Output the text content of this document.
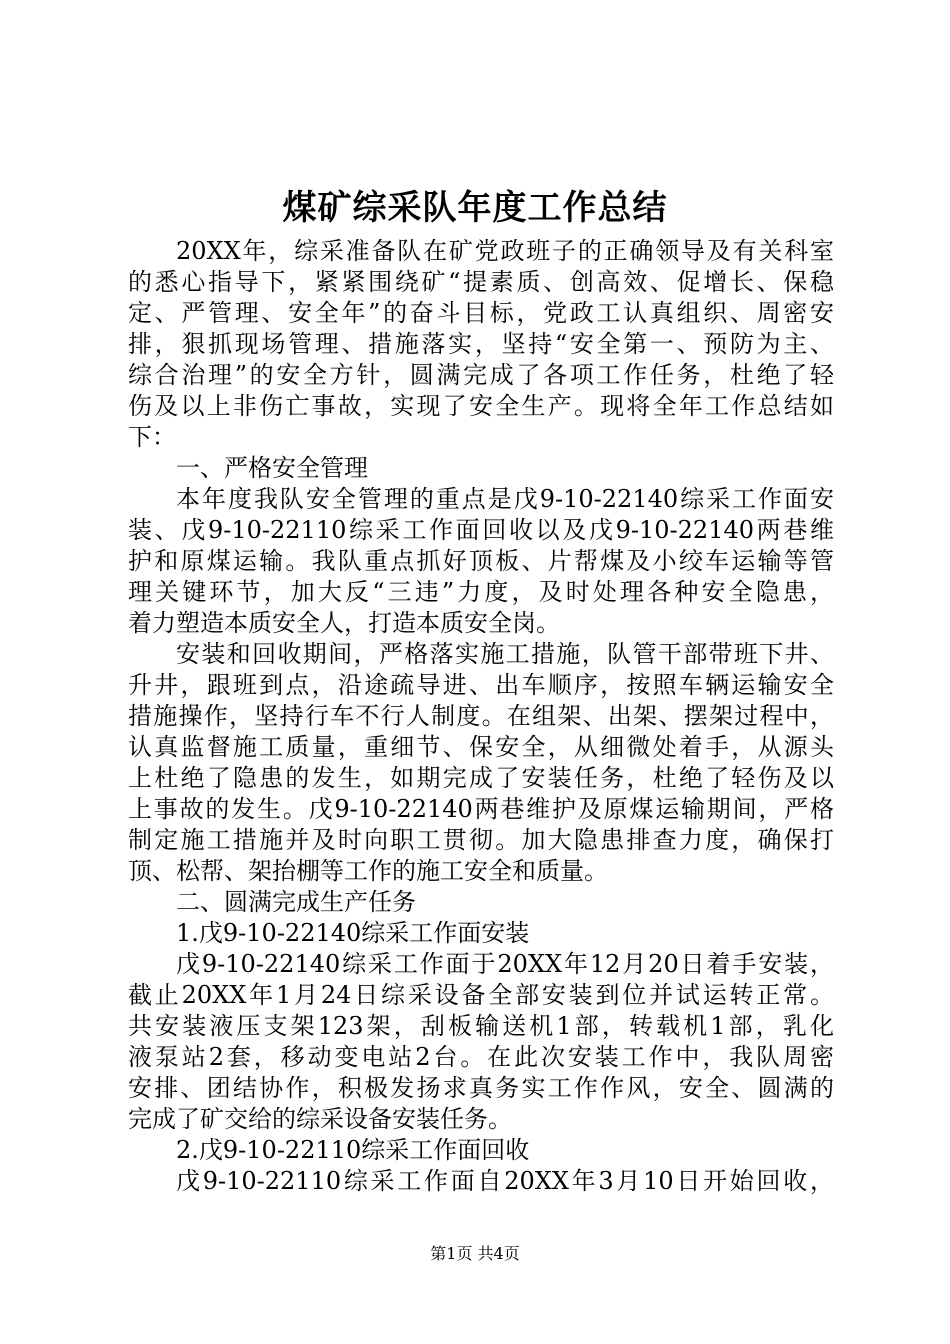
煤矿综采队年度工作总结
20XX年，综采准备队在矿党政班子的正确领导及有关科室
的悉心指导下，紧紧围绕矿“提素质、创高效、促增长、保稳
定、严管理、安全年”的奋斗目标，党政工认真组织、周密安
排，狠抓现场管理、措施落实，坚持“安全第一、预防为主、
综合治理”的安全方针，圆满完成了各项工作任务，杜绝了轻
伤及以上非伤亡事故，实现了安全生产。现将全年工作总结如
下：
一、严格安全管理
本年度我队安全管理的重点是戊9-10-22140综采工作面安
装、戊9-10-22110综采工作面回收以及戊9-10-22140两巷维
护和原煤运输。我队重点抓好顶板、片帮煤及小绞车运输等管
理关键环节，加大反“三违”力度，及时处理各种安全隐患，
着力塑造本质安全人，打造本质安全岗。
安装和回收期间，严格落实施工措施，队管干部带班下井、
升井，跟班到点，沿途疏导进、出车顺序，按照车辆运输安全
措施操作，坚持行车不行人制度。在组架、出架、摆架过程中，
认真监督施工质量，重细节、保安全，从细微处着手，从源头
上杜绝了隐患的发生，如期完成了安装任务，杜绝了轻伤及以
上事故的发生。戊9-10-22140两巷维护及原煤运输期间，严格
制定施工措施并及时向职工贯彻。加大隐患排查力度，确保打
顶、松帮、架抬棚等工作的施工安全和质量。
二、圆满完成生产任务
1.戊9-10-22140综采工作面安装
戊9-10-22140综采工作面于20XX年12月20日着手安装，
截止20XX年1月24日综采设备全部安装到位并试运转正常。
共安装液压支架123架，刮板输送机1部，转载机1部，乳化
液泵站2套，移动变电站2台。在此次安装工作中，我队周密
安排、团结协作，积极发扬求真务实工作作风，安全、圆满的
完成了矿交给的综采设备安装任务。
2.戊9-10-22110综采工作面回收
戊9-10-22110综采工作面自20XX年3月10日开始回收，
第1页 共4页
